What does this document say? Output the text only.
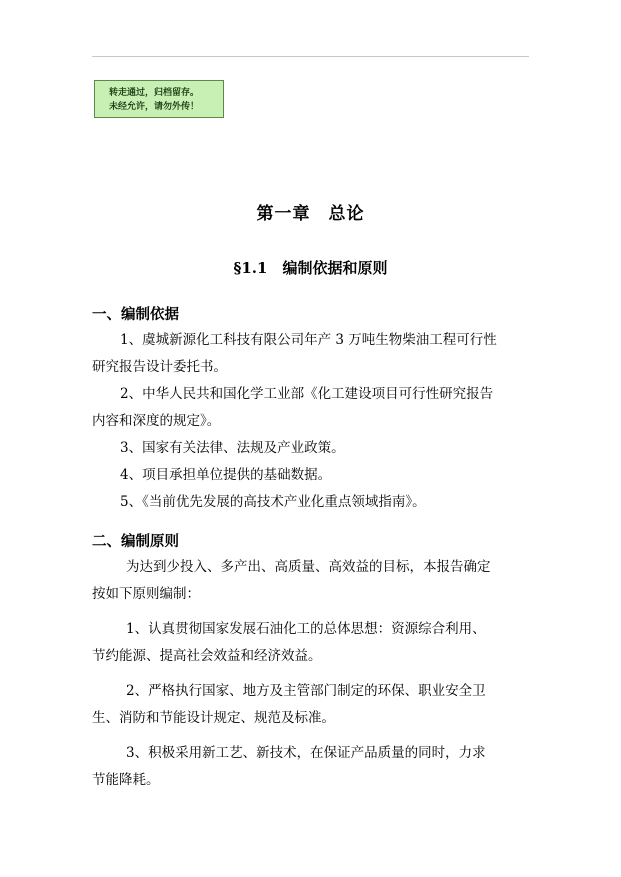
转走通过，归档留存。
未经允许，请勿外传！
第一章　总论
§1.1　编制依据和原则
一、编制依据
1、虞城新源化工科技有限公司年产 3 万吨生物柴油工程可行性
研究报告设计委托书。
2、中华人民共和国化学工业部《化工建设项目可行性研究报告
内容和深度的规定》。
3、国家有关法律、法规及产业政策。
4、项目承担单位提供的基础数据。
5、《当前优先发展的高技术产业化重点领域指南》。
二、编制原则
为达到少投入、多产出、高质量、高效益的目标，本报告确定
按如下原则编制：
1、认真贯彻国家发展石油化工的总体思想：资源综合利用、
节约能源、提高社会效益和经济效益。
2、严格执行国家、地方及主管部门制定的环保、职业安全卫
生、消防和节能设计规定、规范及标准。
3、积极采用新工艺、新技术，在保证产品质量的同时，力求
节能降耗。
